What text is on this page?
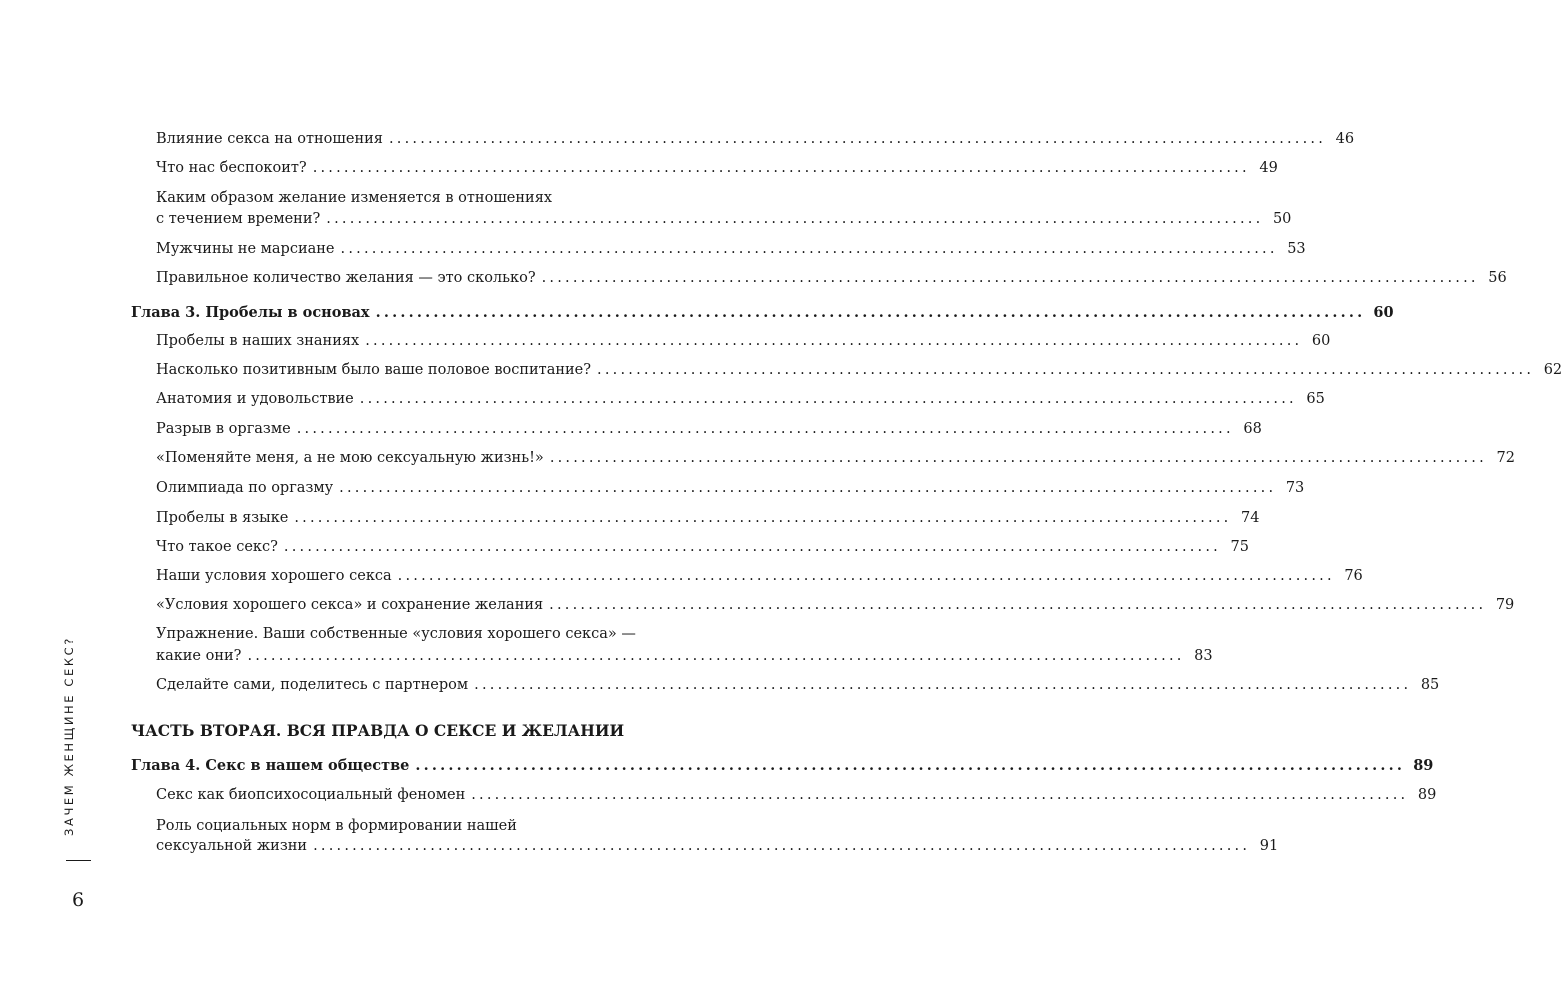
Влияние секса на отношения ........................................................................................................................ 46
Что нас беспокоит? ........................................................................................................................ 49
Каким образом желание изменяется в отношениях
с течением времени? ........................................................................................................................ 50
Мужчины не марсиане ........................................................................................................................ 53
Правильное количество желания — это сколько? ........................................................................................................................ 56
Глава 3. Пробелы в основах ........................................................................................................................ 60
Пробелы в наших знаниях ........................................................................................................................ 60
Насколько позитивным было ваше половое воспитание? ........................................................................................................................ 62
Анатомия и удовольствие ........................................................................................................................ 65
Разрыв в оргазме ........................................................................................................................ 68
«Поменяйте меня, а не мою сексуальную жизнь!» ........................................................................................................................ 72
Олимпиада по оргазму ........................................................................................................................ 73
Пробелы в языке ........................................................................................................................ 74
Что такое секс? ........................................................................................................................ 75
Наши условия хорошего секса ........................................................................................................................ 76
«Условия хорошего секса» и сохранение желания ........................................................................................................................ 79
Упражнение. Ваши собственные «условия хорошего секса» —
какие они? ........................................................................................................................ 83
Сделайте сами, поделитесь с партнером ........................................................................................................................ 85
ЧАСТЬ ВТОРАЯ. ВСЯ ПРАВДА О СЕКСЕ И ЖЕЛАНИИ
Глава 4. Секс в нашем обществе ........................................................................................................................ 89
Секс как биопсихосоциальный феномен ........................................................................................................................ 89
Роль социальных норм в формировании нашей
сексуальной жизни ........................................................................................................................ 91
ЗАЧЕМ ЖЕНЩИНЕ СЕКС?
6
